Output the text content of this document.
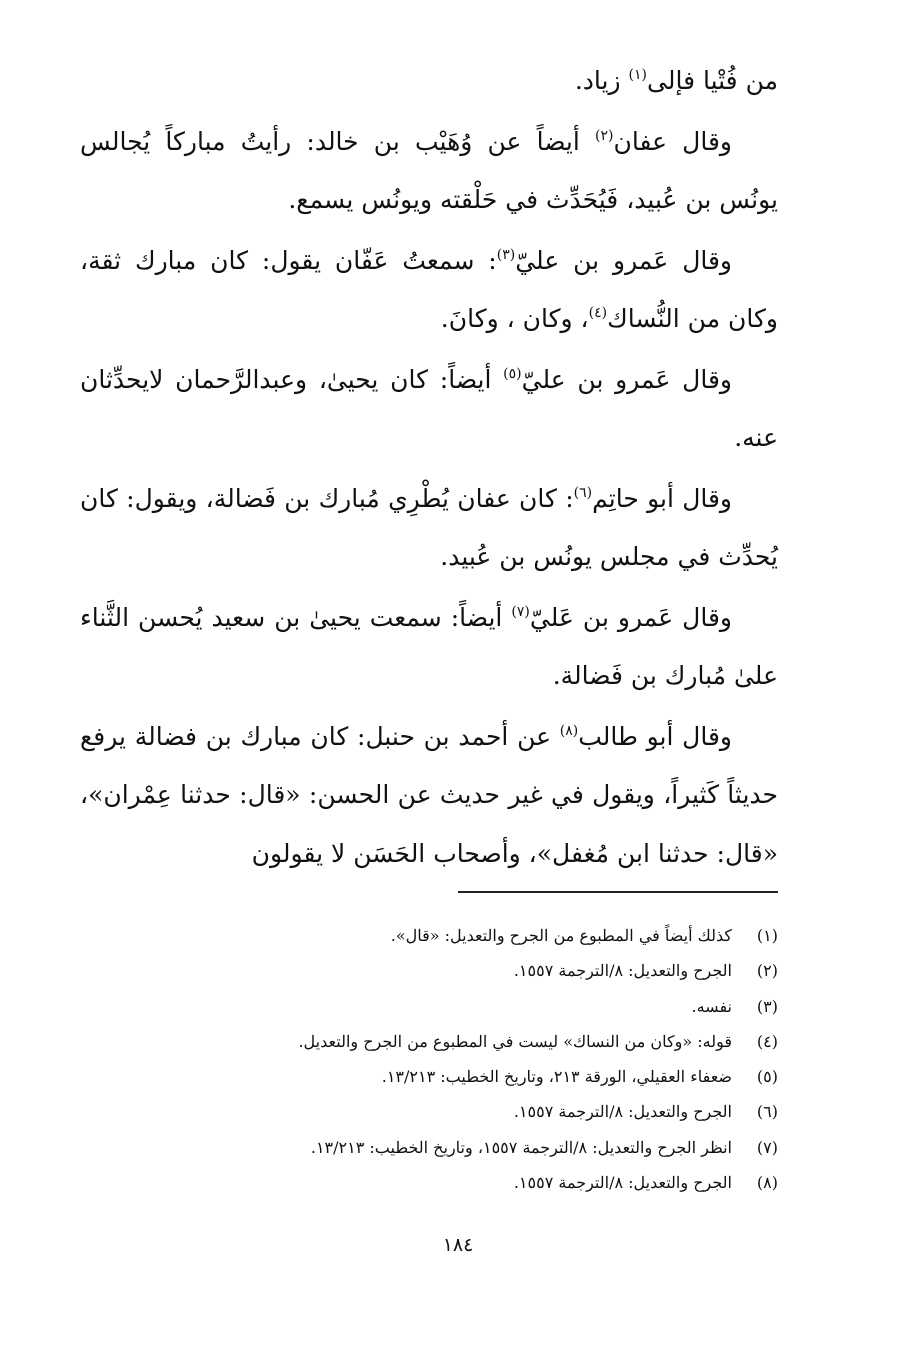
من فُتْيا فإلى$^{(١)}$ زياد.

وقال عفان$^{(٢)}$ أيضاً عن وُهَيْب بن خالد: رأيتُ مباركاً يُجالس يونُس بن عُبيد، فَيُحَدِّث في حَلْقته ويونُس يسمع.

وقال عَمرو بن عليّ$^{(٣)}$: سمعتُ عَفّان يقول: كان مبارك ثقة، وكان من النُّساك$^{(٤)}$، وكان ، وكانَ.

وقال عَمرو بن عليّ$^{(٥)}$ أيضاً: كان يحيىٰ، وعبدالرَّحمان لايحدِّثان عنه.

وقال أبو حاتِم$^{(٦)}$: كان عفان يُطْرِي مُبارك بن فَضالة، ويقول: كان يُحدِّث في مجلس يونُس بن عُبيد.

وقال عَمرو بن عَليّ$^{(٧)}$ أيضاً: سمعت يحيىٰ بن سعيد يُحسن الثَّناء علىٰ مُبارك بن فَضالة.

وقال أبو طالب$^{(٨)}$ عن أحمد بن حنبل: كان مبارك بن فضالة يرفع حديثاً كَثيراً، ويقول في غير حديث عن الحسن: «قال: حدثنا عِمْران»، «قال: حدثنا ابن مُغفل»، وأصحاب الحَسَن لا يقولون

(١)
كذلك أيضاً في المطبوع من الجرح والتعديل: «قال».
(٢)
الجرح والتعديل: ٨/الترجمة ١٥٥٧.
(٣)
نفسه.
(٤)
قوله: «وكان من النساك» ليست في المطبوع من الجرح والتعديل.
(٥)
ضعفاء العقيلي، الورقة ٢١٣، وتاريخ الخطيب: ١٣/٢١٣.
(٦)
الجرح والتعديل: ٨/الترجمة ١٥٥٧.
(٧)
انظر الجرح والتعديل: ٨/الترجمة ١٥٥٧، وتاريخ الخطيب: ١٣/٢١٣.
(٨)
الجرح والتعديل: ٨/الترجمة ١٥٥٧.
١٨٤
